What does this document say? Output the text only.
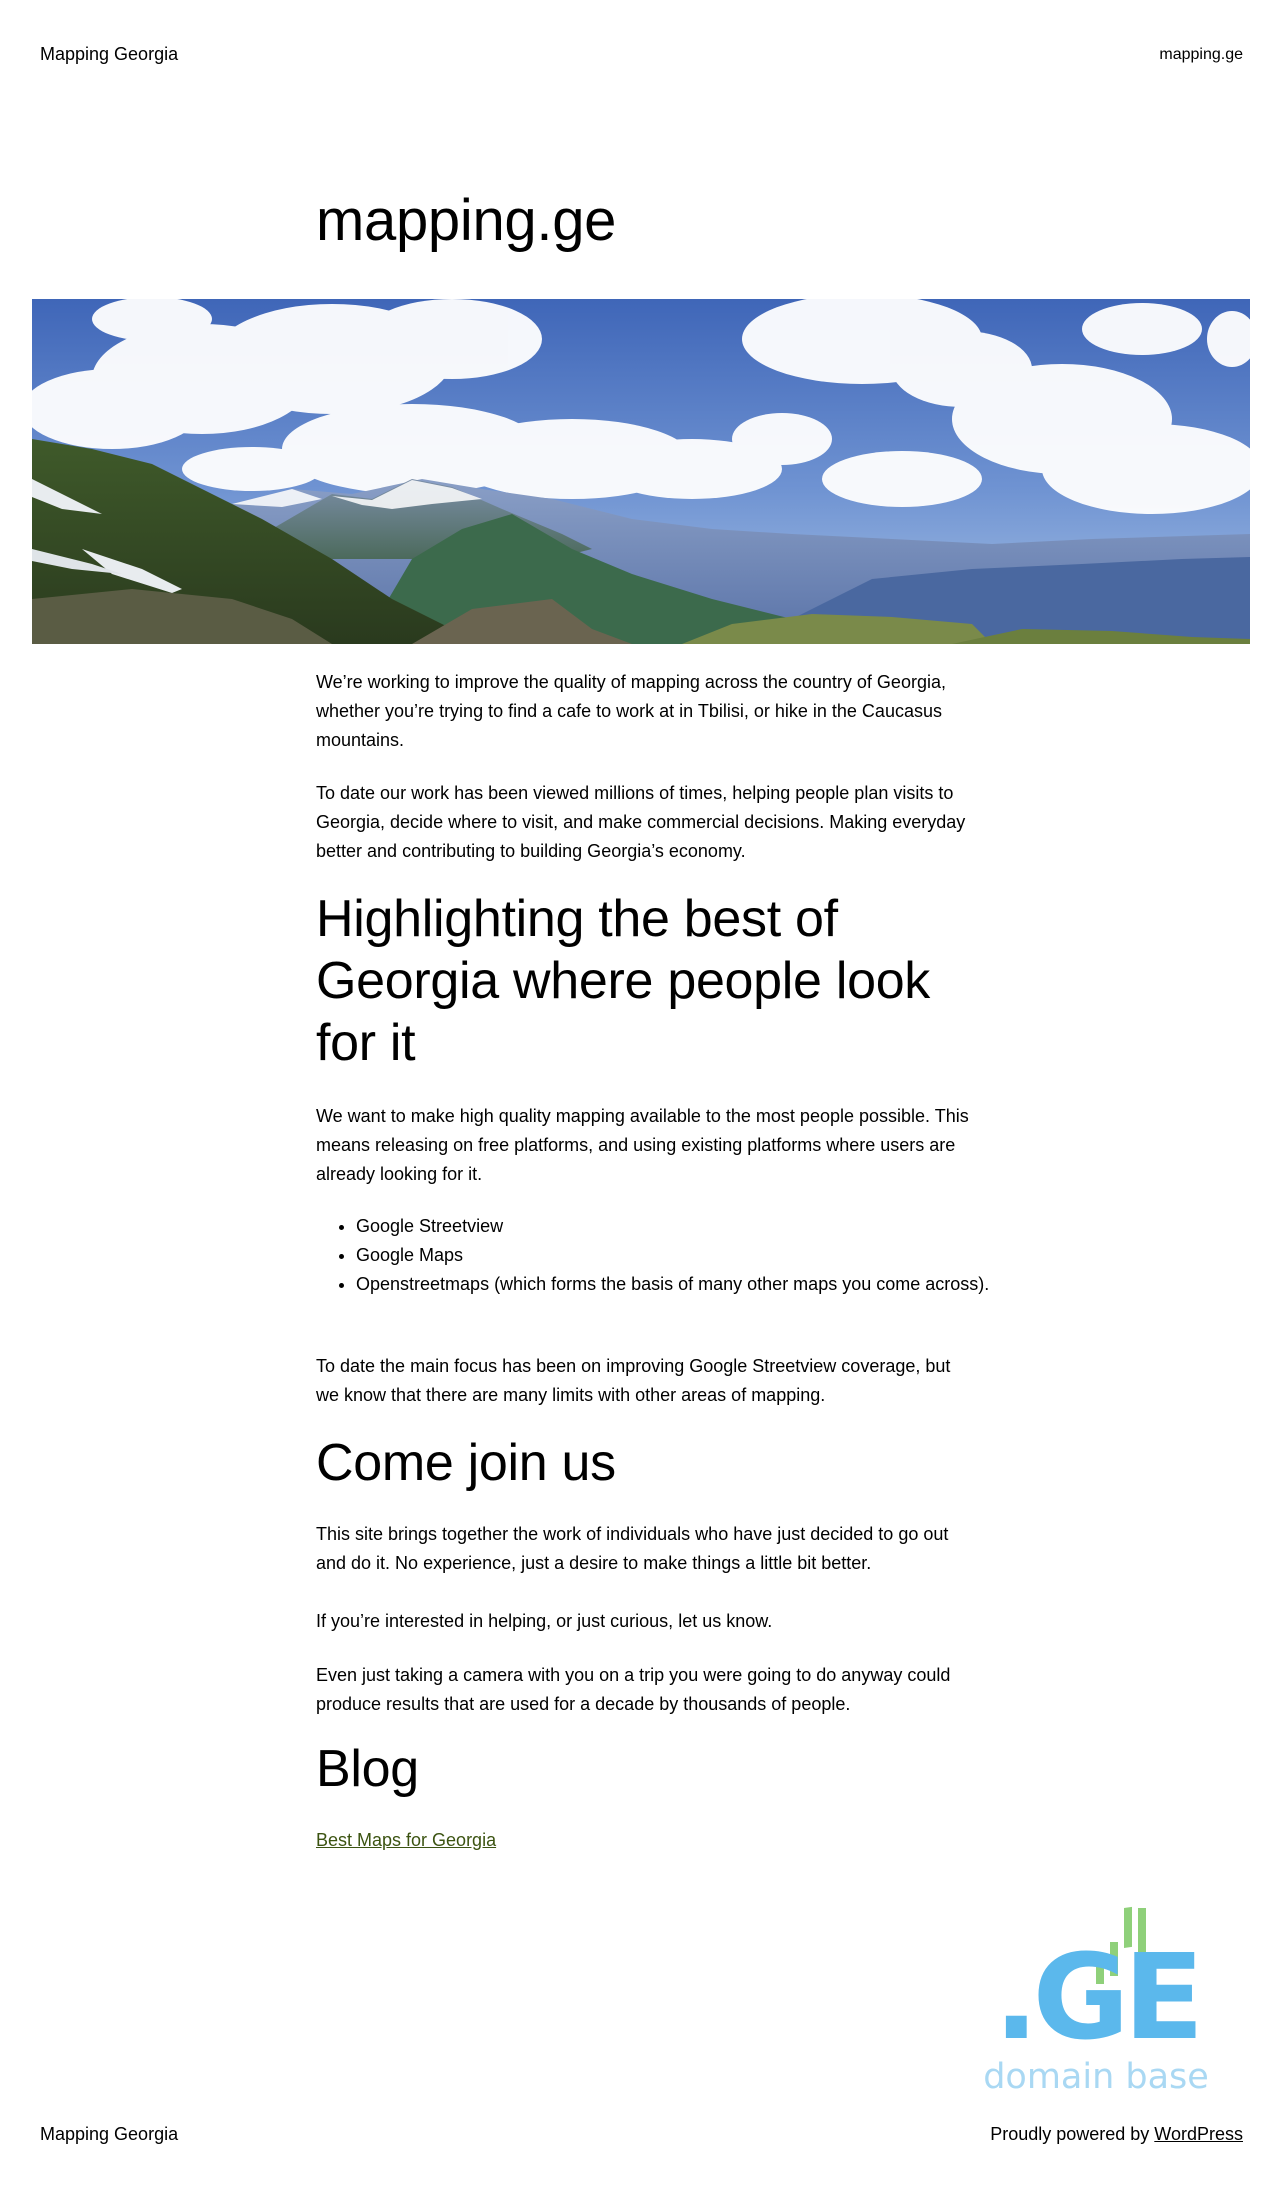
Mapping Georgia	mapping.ge
mapping.ge

We’re working to improve the quality of mapping across the country of Georgia, whether you’re trying to find a cafe to work at in Tbilisi, or hike in the Caucasus mountains.

To date our work has been viewed millions of times, helping people plan visits to Georgia, decide where to visit, and make commercial decisions. Making everyday better and contributing to building Georgia’s economy.

Highlighting the best of Georgia where people look for it

We want to make high quality mapping available to the most people possible. This means releasing on free platforms, and using existing platforms where users are already looking for it.

• Google Streetview
• Google Maps
• Openstreetmaps (which forms the basis of many other maps you come across).

To date the main focus has been on improving Google Streetview coverage, but we know that there are many limits with other areas of mapping.

Come join us

This site brings together the work of individuals who have just decided to go out and do it. No experience, just a desire to make things a little bit better.

If you’re interested in helping, or just curious, let us know.

Even just taking a camera with you on a trip you were going to do anyway could produce results that are used for a decade by thousands of people.

Blog

Best Maps for Georgia

.GE
domain base
Mapping Georgia	Proudly powered by WordPress
